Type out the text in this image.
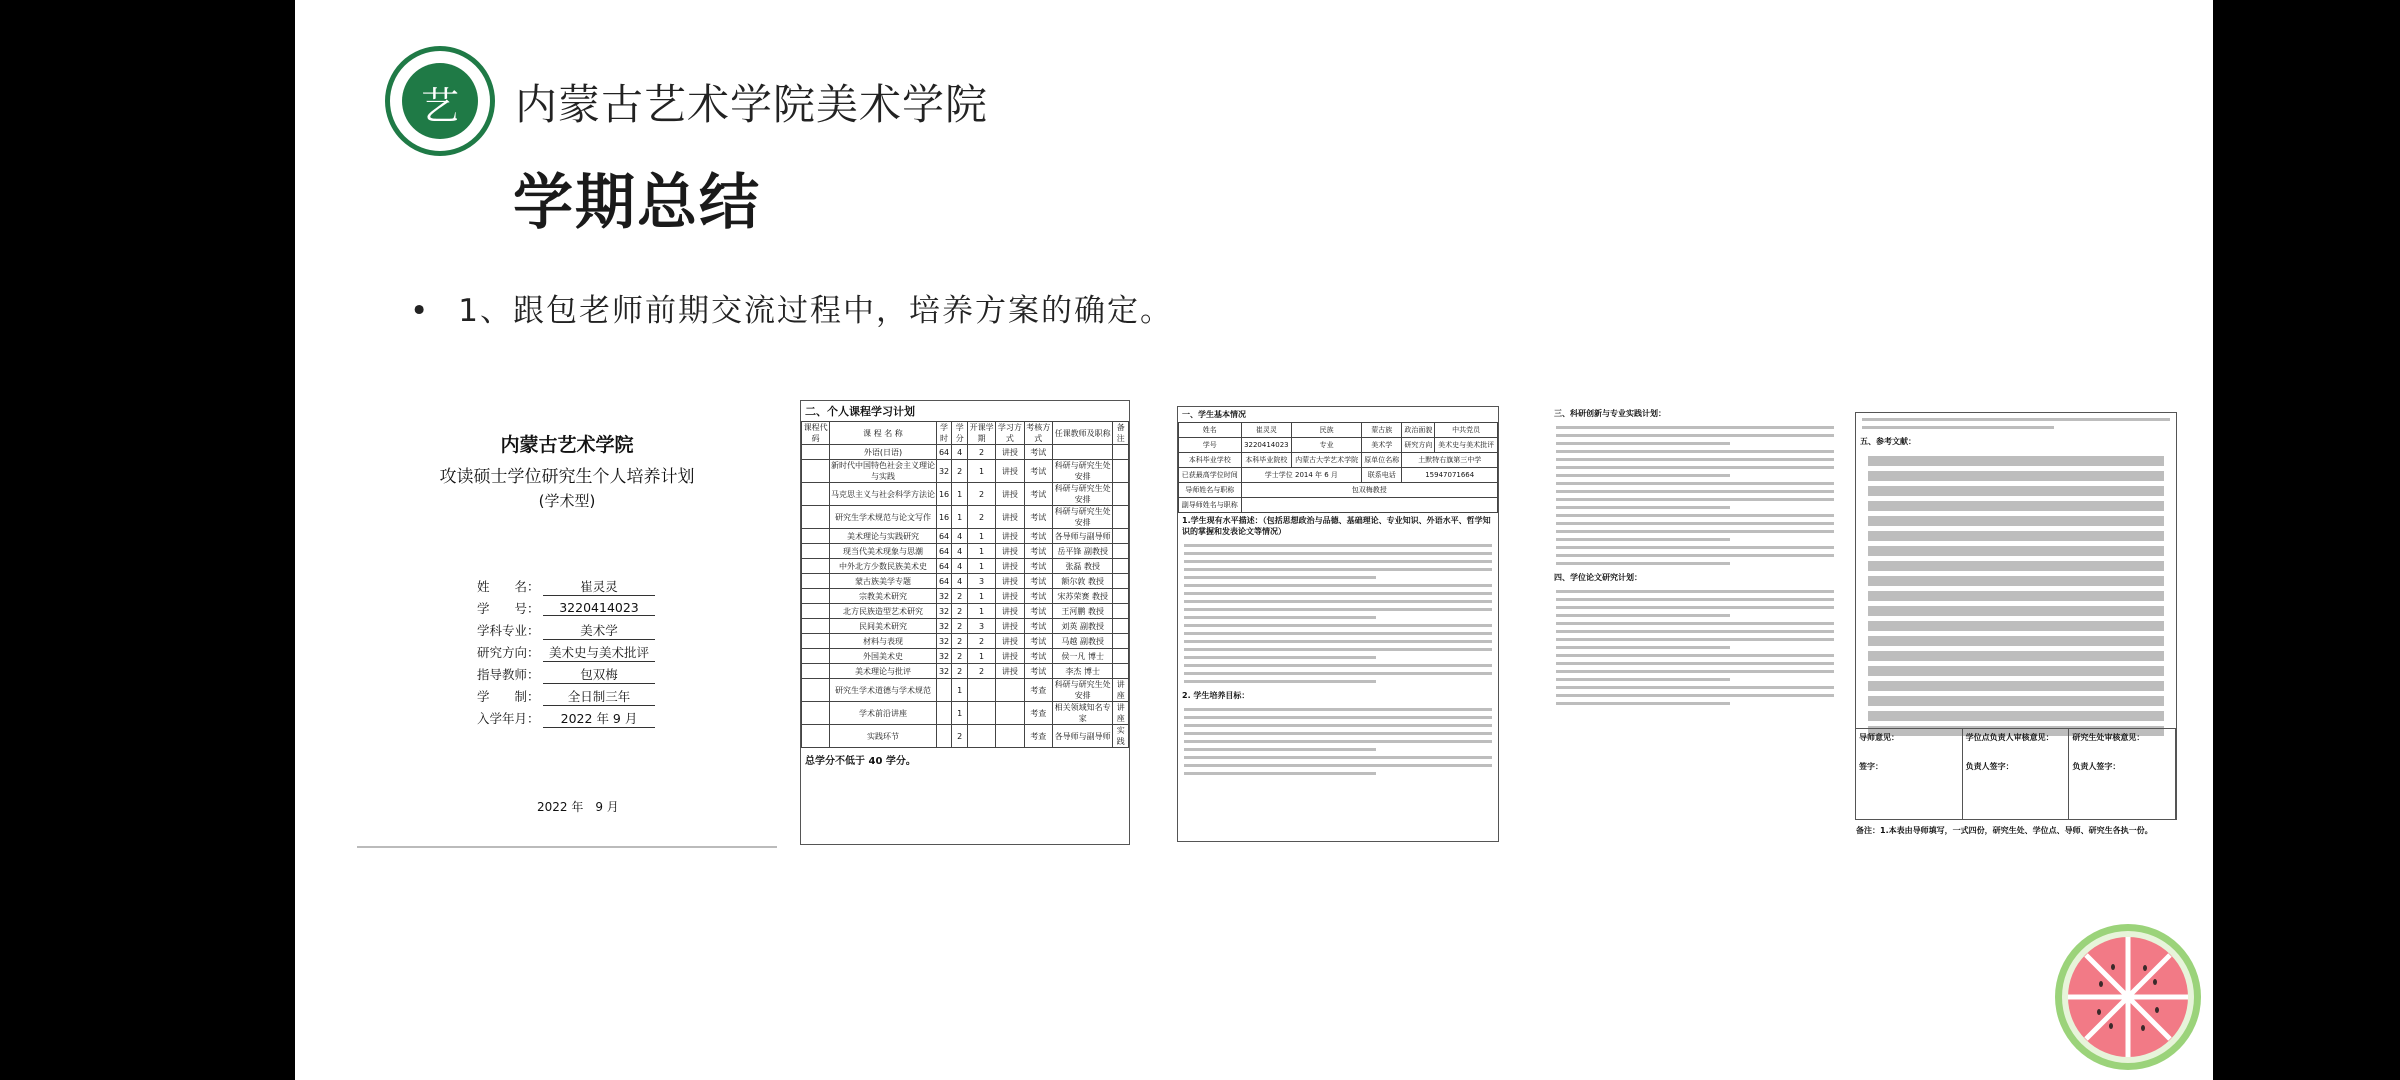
艺	内蒙古艺术学院美术学院
学期总结
• 1、跟包老师前期交流过程中，培养方案的确定。
内蒙古艺术学院
攻读硕士学位研究生个人培养计划
(学术型)
姓　　名：	崔灵灵
学　　号：	3220414023
学科专业：	美术学
研究方向： 美术史与美术批评
指导教师：	包双梅
学　　制：	全日制三年
入学年月：	2022 年 9 月
2022 年　9 月
二、个人课程学习计划
课程代码	课 程 名 称	学时	学分	开课学期	学习方式	考核方式	任课教师及职称	备注
	外语(日语)	64	4	2	讲授	考试		
	新时代中国特色社会主义理论与实践	32	2	1	讲授	考试	科研与研究生处安排	
	马克思主义与社会科学方法论	16	1	2	讲授	考试	科研与研究生处安排	
	研究生学术规范与论文写作	16	1	2	讲授	考试	科研与研究生处安排	
	美术理论与实践研究	64	4	1	讲授	考试	各导师与副导师	
	现当代美术现象与思潮	64	4	1	讲授	考试	岳平锋 副教授	
	中外北方少数民族美术史	64	4	1	讲授	考试	张磊 教授	
	蒙古族美学专题	64	4	3	讲授	考试	额尔敦 教授	
	宗教美术研究	32	2	1	讲授	考试	宋苏荣赛 教授	
	北方民族造型艺术研究	32	2	1	讲授	考试	王河鹏 教授	
	民间美术研究	32	2	3	讲授	考试	刘英 副教授	
	材料与表现	32	2	2	讲授	考试	马越 副教授	
	外国美术史	32	2	1	讲授	考试	侯一凡 博士	
	美术理论与批评	32	2	2	讲授	考试	李杰 博士	
	研究生学术道德与学术规范		1			考查	科研与研究生处安排	讲座
	学术前沿讲座		1			考查	相关领域知名专家	讲座
	实践环节		2			考查	各导师与副导师	实践
总学分不低于 40 学分。
一、学生基本情况
姓名	崔灵灵	民族	蒙古族	政治面貌	中共党员
学号	3220414023	专业	美术学	研究方向	美术史与美术批评
本科毕业学校	本科毕业院校	内蒙古大学艺术学院	原单位名称	土默特右旗第三中学	
已获最高学位时间	学士学位 2014 年 6 月		联系电话	15947071664	
导师姓名与职称	包双梅教授				
副导师姓名与职称					
1.学生现有水平描述：（包括思想政治与品德、基础理论、专业知识、外语水平、哲学知识的掌握和发表论文等情况）
2. 学生培养目标：
三、科研创新与专业实践计划：
四、学位论文研究计划：
五、参考文献：
导师意见：

签字：
学位点负责人审核意见：

负责人签字：
研究生处审核意见：

负责人签字：
备注：1.本表由导师填写，一式四份，研究生处、学位点、导师、研究生各执一份。
